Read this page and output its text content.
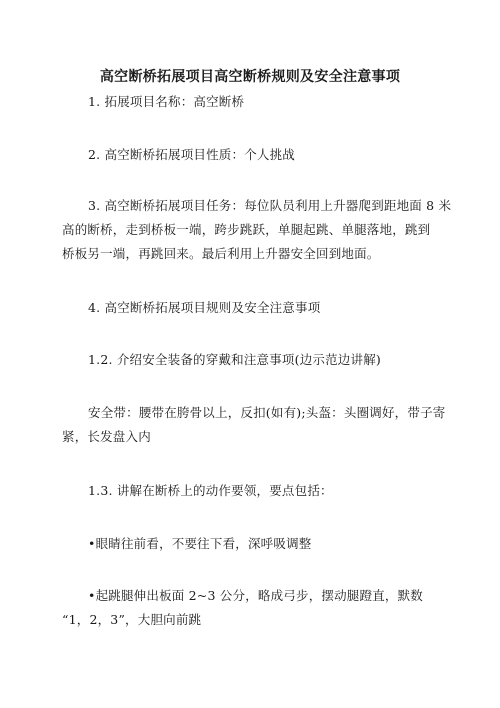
高空断桥拓展项目高空断桥规则及安全注意事项
1. 拓展项目名称：高空断桥
2. 高空断桥拓展项目性质：个人挑战
3. 高空断桥拓展项目任务：每位队员利用上升器爬到距地面 8 米
高的断桥，走到桥板一端，跨步跳跃，单腿起跳、单腿落地，跳到
桥板另一端，再跳回来。最后利用上升器安全回到地面。
4. 高空断桥拓展项目规则及安全注意事项
1.2. 介绍安全装备的穿戴和注意事项(边示范边讲解)
安全带：腰带在胯骨以上，反扣(如有);头盔：头圈调好，带子寄
紧，长发盘入内
1.3. 讲解在断桥上的动作要领，要点包括：
•眼睛往前看，不要往下看，深呼吸调整
•起跳腿伸出板面 2~3 公分，略成弓步，摆动腿蹬直，默数
“1，2，3”，大胆向前跳
